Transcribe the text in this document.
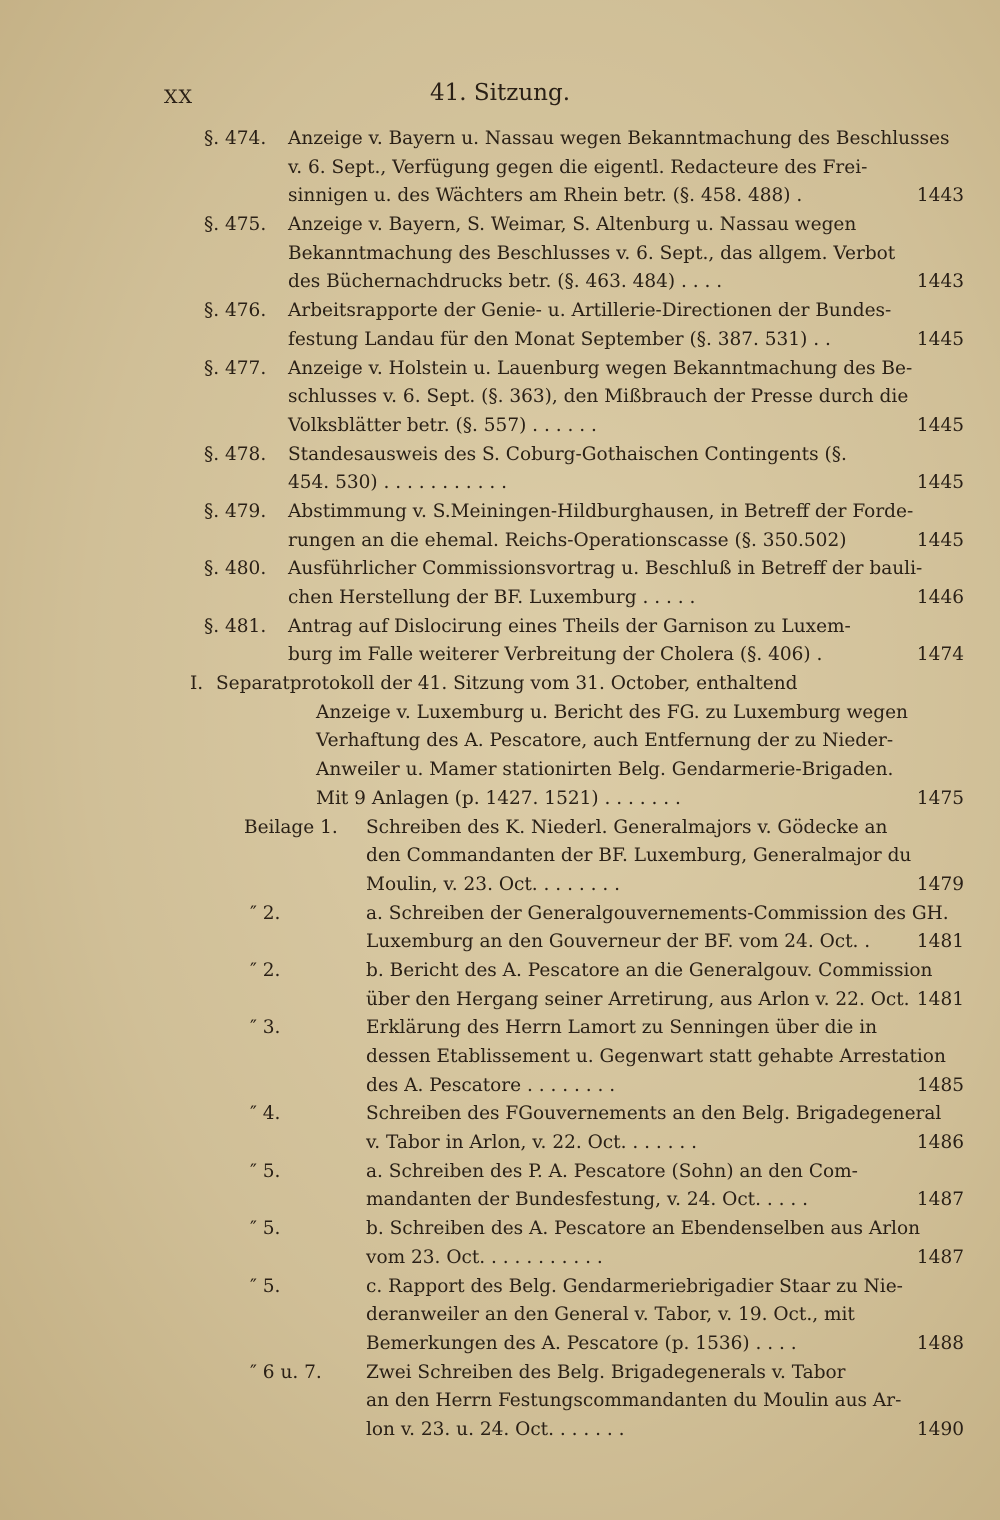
XX	41. Sitzung.
§. 474. Anzeige v. Bayern u. Nassau wegen Bekanntmachung des Beschlusses
v. 6. Sept., Verfügung gegen die eigentl. Redacteure des Frei-
sinnigen u. des Wächters am Rhein betr. (§. 458. 488) .	1443
§. 475. Anzeige v. Bayern, S. Weimar, S. Altenburg u. Nassau wegen
Bekanntmachung des Beschlusses v. 6. Sept., das allgem. Verbot
des Büchernachdrucks betr. (§. 463. 484) . . . .	1443
§. 476. Arbeitsrapporte der Genie- u. Artillerie-Directionen der Bundes-
festung Landau für den Monat September (§. 387. 531) . .	1445
§. 477. Anzeige v. Holstein u. Lauenburg wegen Bekanntmachung des Be-
schlusses v. 6. Sept. (§. 363), den Mißbrauch der Presse durch die
Volksblätter betr. (§. 557) . . . . . .	1445
§. 478. Standesausweis des S. Coburg-Gothaischen Contingents (§.
454. 530) . . . . . . . . . . .	1445
§. 479. Abstimmung v. S.Meiningen-Hildburghausen, in Betreff der Forde-
rungen an die ehemal. Reichs-Operationscasse (§. 350.502)	1445
§. 480. Ausführlicher Commissionsvortrag u. Beschluß in Betreff der bauli-
chen Herstellung der BF. Luxemburg . . . . .	1446
§. 481. Antrag auf Dislocirung eines Theils der Garnison zu Luxem-
burg im Falle weiterer Verbreitung der Cholera (§. 406) .	1474
I. Separatprotokoll der 41. Sitzung vom 31. October, enthaltend
Anzeige v. Luxemburg u. Bericht des FG. zu Luxemburg wegen
Verhaftung des A. Pescatore, auch Entfernung der zu Nieder-
Anweiler u. Mamer stationirten Belg. Gendarmerie-Brigaden.
Mit 9 Anlagen (p. 1427. 1521) . . . . . . .	1475
Beilage 1. Schreiben des K. Niederl. Generalmajors v. Gödecke an
den Commandanten der BF. Luxemburg, Generalmajor du
Moulin, v. 23. Oct. . . . . . . .	1479
″ 2.	a. Schreiben der Generalgouvernements-Commission des GH.
Luxemburg an den Gouverneur der BF. vom 24. Oct. .	1481
″ 2.	b. Bericht des A. Pescatore an die Generalgouv. Commission
über den Hergang seiner Arretirung, aus Arlon v. 22. Oct. 1481
″ 3.	Erklärung des Herrn Lamort zu Senningen über die in
dessen Etablissement u. Gegenwart statt gehabte Arrestation
des A. Pescatore . . . . . . . .	1485
″ 4.	Schreiben des FGouvernements an den Belg. Brigadegeneral
v. Tabor in Arlon, v. 22. Oct. . . . . . .	1486
″ 5.	a. Schreiben des P. A. Pescatore (Sohn) an den Com-
mandanten der Bundesfestung, v. 24. Oct. . . . .	1487
″ 5.	b. Schreiben des A. Pescatore an Ebendenselben aus Arlon
vom 23. Oct. . . . . . . . . . .	1487
″ 5.	c. Rapport des Belg. Gendarmeriebrigadier Staar zu Nie-
deranweiler an den General v. Tabor, v. 19. Oct., mit
Bemerkungen des A. Pescatore (p. 1536) . . . .	1488
″ 6 u. 7. Zwei Schreiben des Belg. Brigadegenerals v. Tabor
an den Herrn Festungscommandanten du Moulin aus Ar-
lon v. 23. u. 24. Oct. . . . . . .	1490
